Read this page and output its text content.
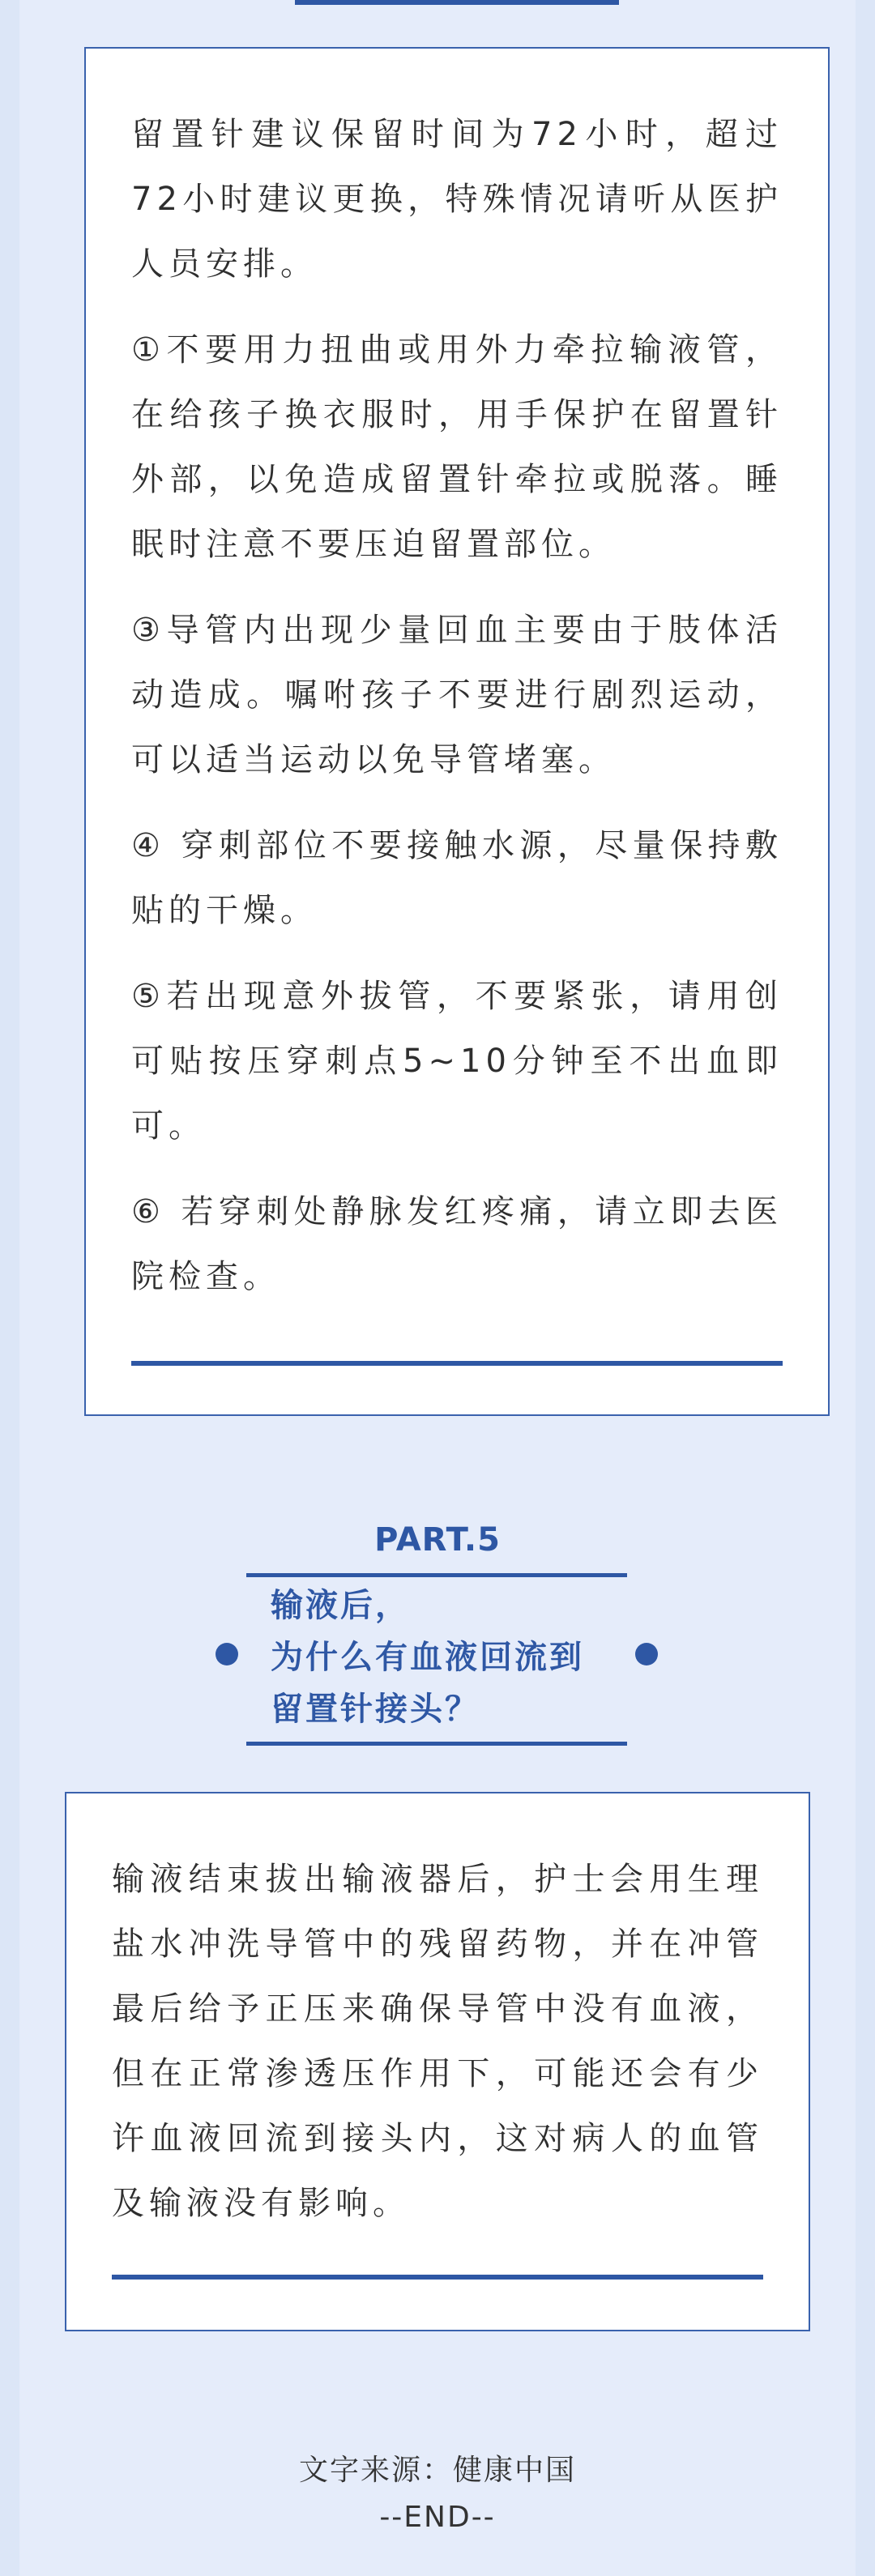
留置针建议保留时间为72小时，超过72小时建议更换，特殊情况请听从医护人员安排。

①不要用力扭曲或用外力牵拉输液管，在给孩子换衣服时，用手保护在留置针外部，以免造成留置针牵拉或脱落。睡眠时注意不要压迫留置部位。

③导管内出现少量回血主要由于肢体活动造成。嘱咐孩子不要进行剧烈运动，可以适当运动以免导管堵塞。

④ 穿刺部位不要接触水源，尽量保持敷贴的干燥。

⑤若出现意外拔管，不要紧张，请用创可贴按压穿刺点5~10分钟至不出血即可。

⑥ 若穿刺处静脉发红疼痛，请立即去医院检查。

PART.5
输液后，
为什么有血液回流到
留置针接头？

输液结束拔出输液器后，护士会用生理盐水冲洗导管中的残留药物，并在冲管最后给予正压来确保导管中没有血液，但在正常渗透压作用下，可能还会有少许血液回流到接头内，这对病人的血管及输液没有影响。

文字来源：健康中国
--END--
